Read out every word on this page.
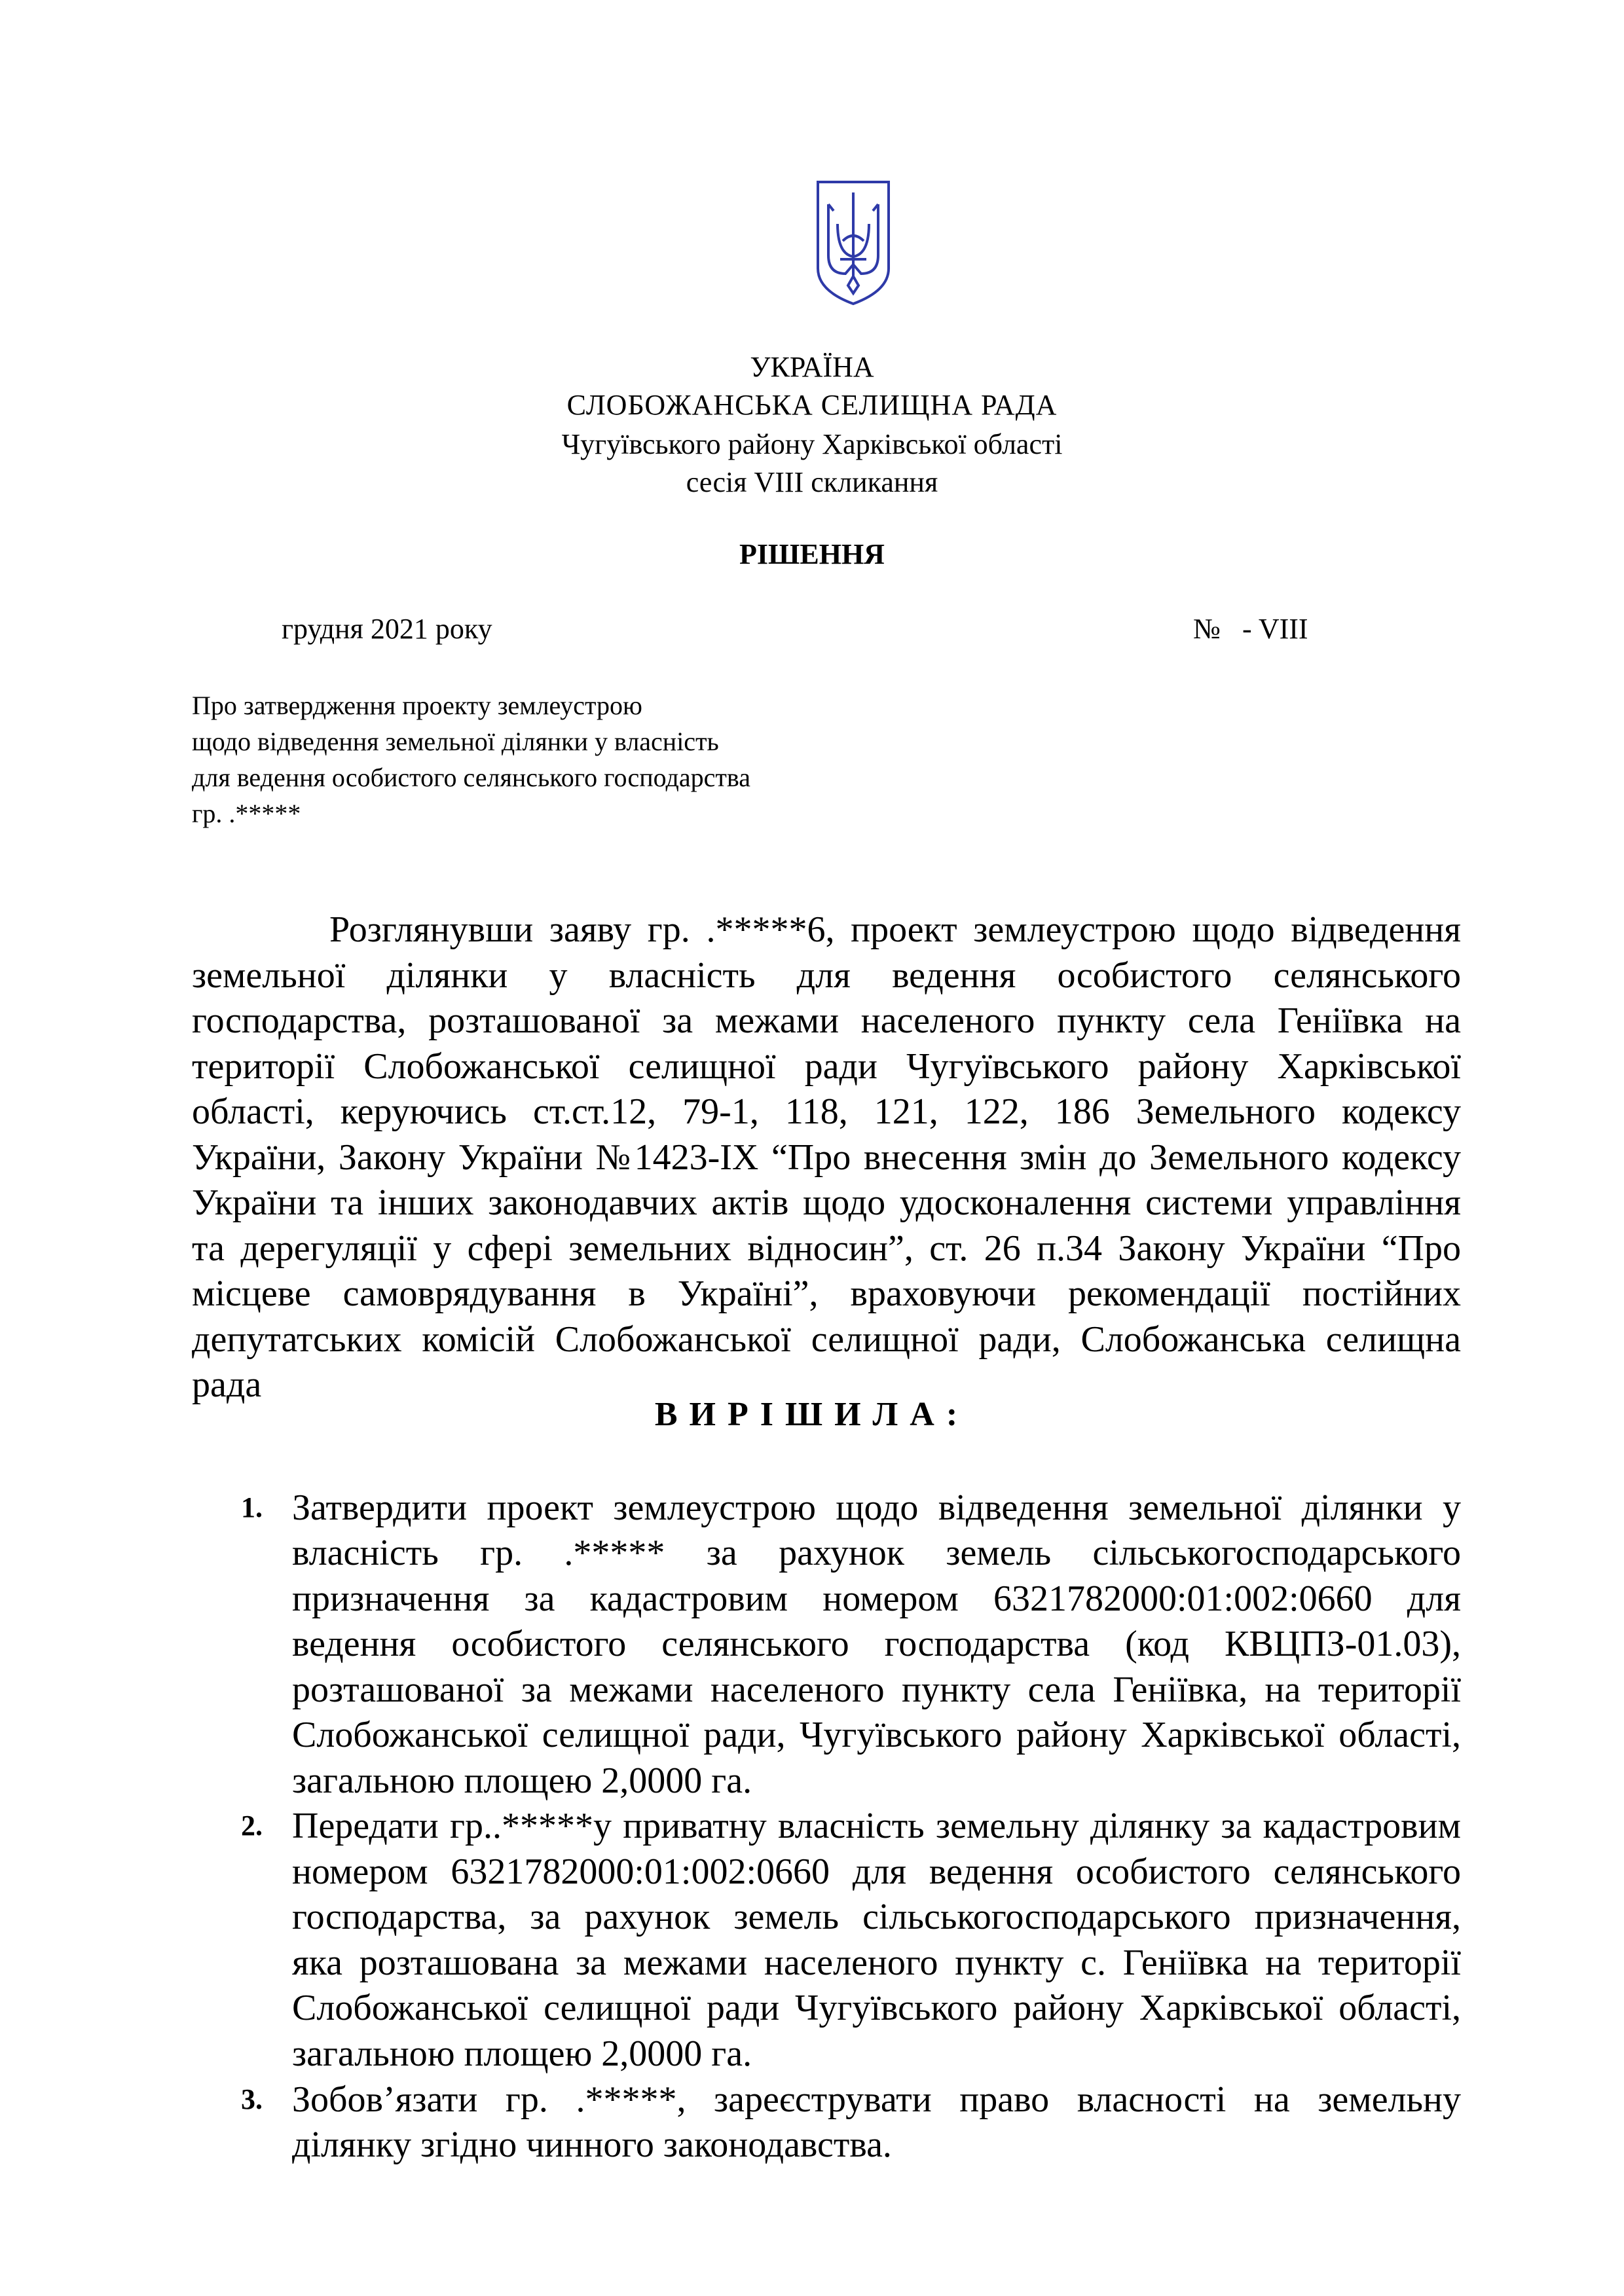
УКРАЇНА
СЛОБОЖАНСЬКА СЕЛИЩНА РАДА
Чугуївського району Харківської області
сесія VIII скликання
РІШЕННЯ
грудня 2021 року	№   - VIII
Про затвердження проекту землеустрою
щодо відведення земельної ділянки у власність
для ведення особистого селянського господарства
гр. .*****
Розглянувши заяву гр. .*****6, проект землеустрою щодо відведення
земельної ділянки у власність для ведення особистого селянського
господарства, розташованої за межами населеного пункту села Геніївка на
території Слобожанської селищної ради Чугуївського району Харківської
області, керуючись ст.ст.12, 79-1, 118, 121, 122, 186 Земельного кодексу
України, Закону України №1423-ІХ “Про внесення змін до Земельного кодексу
України та інших законодавчих актів щодо удосконалення системи управління
та дерегуляції у сфері земельних відносин”, ст. 26 п.34 Закону України “Про
місцеве самоврядування в Україні”, враховуючи рекомендації постійних
депутатських комісій Слобожанської селищної ради, Слобожанська селищна
рада
ВИРІШИЛА:
1. Затвердити проект землеустрою щодо відведення земельної ділянки у
власність гр. .***** за рахунок земель сільськогосподарського
призначення за кадастровим номером 6321782000:01:002:0660 для
ведення особистого селянського господарства (код КВЦПЗ-01.03),
розташованої за межами населеного пункту села Геніївка, на території
Слобожанської селищної ради, Чугуївського району Харківської області,
загальною площею 2,0000 га.
2. Передати гр..*****у приватну власність земельну ділянку за кадастровим
номером 6321782000:01:002:0660 для ведення особистого селянського
господарства, за рахунок земель сільськогосподарського призначення,
яка розташована за межами населеного пункту с. Геніївка на території
Слобожанської селищної ради Чугуївського району Харківської області,
загальною площею 2,0000 га.
3. Зобов’язати гр. .*****, зареєструвати право власності на земельну
ділянку згідно чинного законодавства.
